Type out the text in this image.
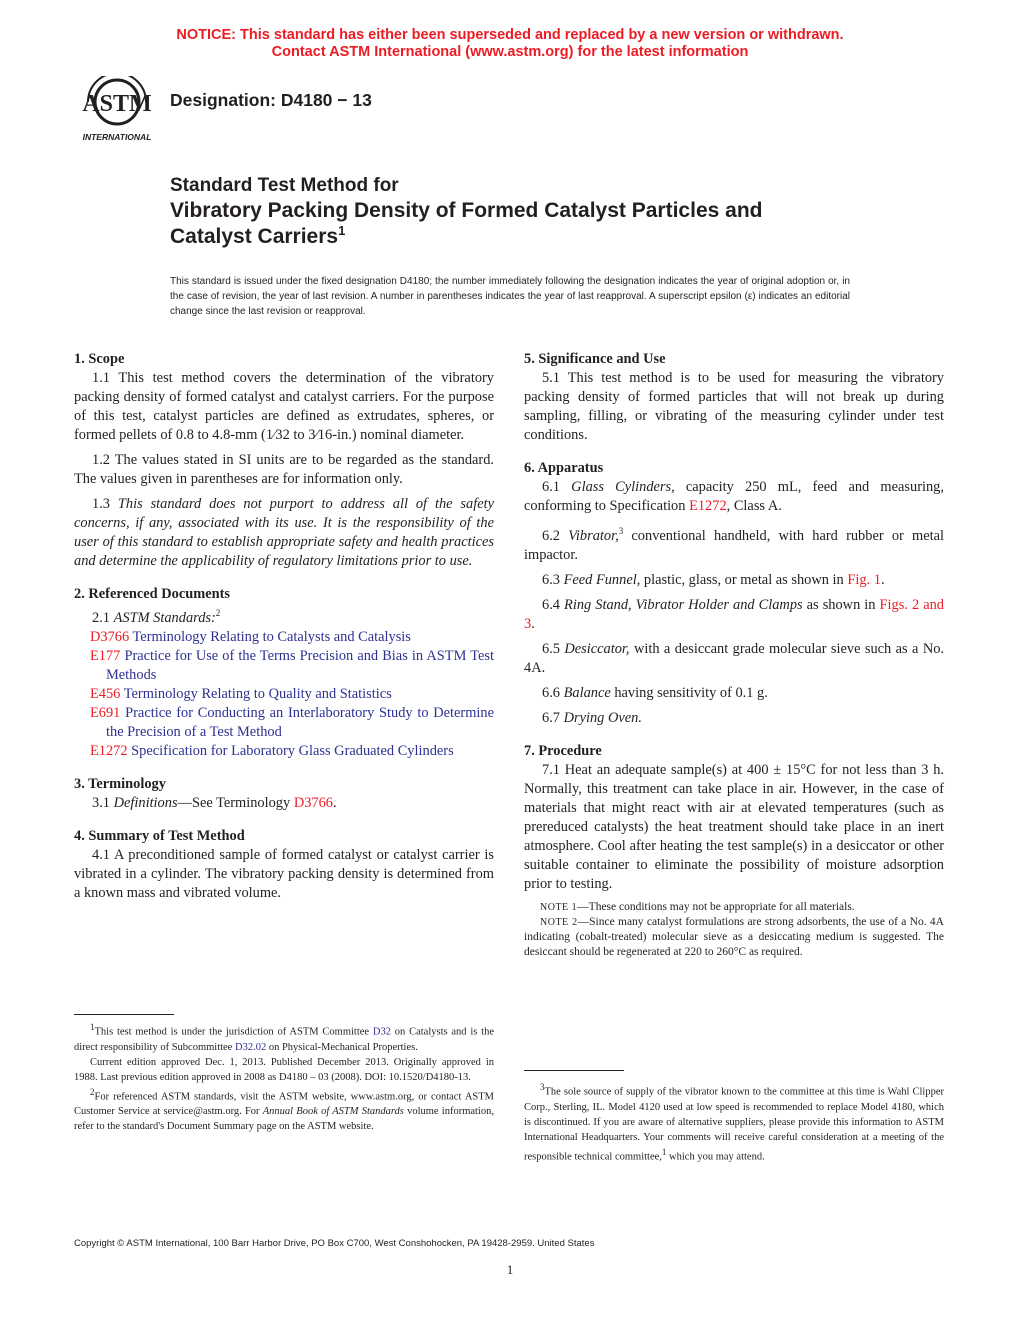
NOTICE: This standard has either been superseded and replaced by a new version or withdrawn.
Contact ASTM International (www.astm.org) for the latest information
ASTM
INTERNATIONAL
Designation: D4180 − 13
Standard Test Method for
Vibratory Packing Density of Formed Catalyst Particles and
Catalyst Carriers$^1$
This standard is issued under the fixed designation D4180; the number immediately following the designation indicates the year of original adoption or, in the case of revision, the year of last revision. A number in parentheses indicates the year of last reapproval. A superscript epsilon (ε) indicates an editorial change since the last revision or reapproval.

1. Scope

1.1 This test method covers the determination of the vibratory packing density of formed catalyst and catalyst carriers. For the purpose of this test, catalyst particles are defined as extrudates, spheres, or formed pellets of 0.8 to 4.8-mm (1⁄32 to 3⁄16-in.) nominal diameter.

1.2 The values stated in SI units are to be regarded as the standard. The values given in parentheses are for information only.

1.3 This standard does not purport to address all of the safety concerns, if any, associated with its use. It is the responsibility of the user of this standard to establish appropriate safety and health practices and determine the applicability of regulatory limitations prior to use.

2. Referenced Documents

2.1 ASTM Standards:$^2$

D3766 Terminology Relating to Catalysts and Catalysis

E177 Practice for Use of the Terms Precision and Bias in ASTM Test Methods

E456 Terminology Relating to Quality and Statistics

E691 Practice for Conducting an Interlaboratory Study to Determine the Precision of a Test Method

E1272 Specification for Laboratory Glass Graduated Cylinders

3. Terminology

3.1 Definitions—See Terminology D3766.

4. Summary of Test Method

4.1 A preconditioned sample of formed catalyst or catalyst carrier is vibrated in a cylinder. The vibratory packing density is determined from a known mass and vibrated volume.

5. Significance and Use

5.1 This test method is to be used for measuring the vibratory packing density of formed particles that will not break up during sampling, filling, or vibrating of the measuring cylinder under test conditions.

6. Apparatus

6.1 Glass Cylinders, capacity 250 mL, feed and measuring, conforming to Specification E1272, Class A.

6.2 Vibrator,$^3$ conventional handheld, with hard rubber or metal impactor.

6.3 Feed Funnel, plastic, glass, or metal as shown in Fig. 1.

6.4 Ring Stand, Vibrator Holder and Clamps as shown in Figs. 2 and 3.

6.5 Desiccator, with a desiccant grade molecular sieve such as a No. 4A.

6.6 Balance having sensitivity of 0.1 g.

6.7 Drying Oven.

7. Procedure

7.1 Heat an adequate sample(s) at 400 ± 15°C for not less than 3 h. Normally, this treatment can take place in air. However, in the case of materials that might react with air at elevated temperatures (such as prereduced catalysts) the heat treatment should take place in an inert atmosphere. Cool after heating the test sample(s) in a desiccator or other suitable container to eliminate the possibility of moisture adsorption prior to testing.

NOTE 1—These conditions may not be appropriate for all materials.

NOTE 2—Since many catalyst formulations are strong adsorbents, the use of a No. 4A indicating (cobalt-treated) molecular sieve as a desiccating medium is suggested. The desiccant should be regenerated at 220 to 260°C as required.

$^1$This test method is under the jurisdiction of ASTM Committee D32 on Catalysts and is the direct responsibility of Subcommittee D32.02 on Physical-Mechanical Properties.

Current edition approved Dec. 1, 2013. Published December 2013. Originally approved in 1988. Last previous edition approved in 2008 as D4180 – 03 (2008). DOI: 10.1520/D4180-13.

$^2$For referenced ASTM standards, visit the ASTM website, www.astm.org, or contact ASTM Customer Service at service@astm.org. For Annual Book of ASTM Standards volume information, refer to the standard's Document Summary page on the ASTM website.

$^3$The sole source of supply of the vibrator known to the committee at this time is Wahl Clipper Corp., Sterling, IL. Model 4120 used at low speed is recommended to replace Model 4180, which is discontinued. If you are aware of alternative suppliers, please provide this information to ASTM International Headquarters. Your comments will receive careful consideration at a meeting of the responsible technical committee,$^1$ which you may attend.

Copyright © ASTM International, 100 Barr Harbor Drive, PO Box C700, West Conshohocken, PA 19428-2959. United States
1
